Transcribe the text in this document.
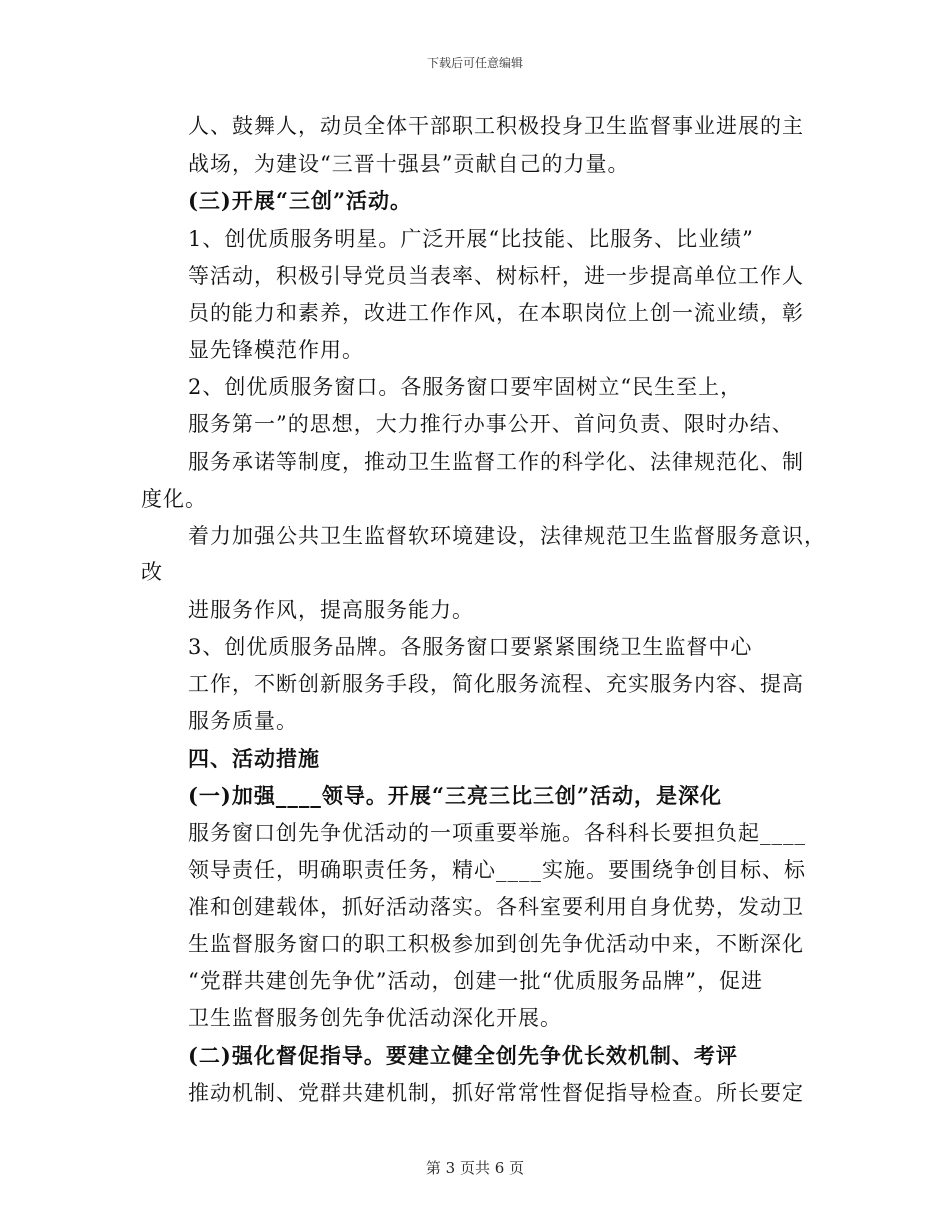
下载后可任意编辑
人、鼓舞人，动员全体干部职工积极投身卫生监督事业进展的主
战场，为建设“三晋十强县”贡献自己的力量。
(三)开展“三创”活动。
1、创优质服务明星。广泛开展“比技能、比服务、比业绩”
等活动，积极引导党员当表率、树标杆，进一步提高单位工作人
员的能力和素养，改进工作作风，在本职岗位上创一流业绩，彰
显先锋模范作用。
2、创优质服务窗口。各服务窗口要牢固树立“民生至上，
服务第一”的思想，大力推行办事公开、首问负责、限时办结、
服务承诺等制度，推动卫生监督工作的科学化、法律规范化、制
度化。
着力加强公共卫生监督软环境建设，法律规范卫生监督服务意识，
改
进服务作风，提高服务能力。
3、创优质服务品牌。各服务窗口要紧紧围绕卫生监督中心
工作，不断创新服务手段，简化服务流程、充实服务内容、提高
服务质量。
四、活动措施
(一)加强____领导。开展“三亮三比三创”活动，是深化
服务窗口创先争优活动的一项重要举施。各科科长要担负起____
领导责任，明确职责任务，精心____实施。要围绕争创目标、标
准和创建载体，抓好活动落实。各科室要利用自身优势，发动卫
生监督服务窗口的职工积极参加到创先争优活动中来，不断深化
“党群共建创先争优”活动，创建一批“优质服务品牌”，促进
卫生监督服务创先争优活动深化开展。
(二)强化督促指导。要建立健全创先争优长效机制、考评
推动机制、党群共建机制，抓好常常性督促指导检查。所长要定
第 3 页共 6 页
